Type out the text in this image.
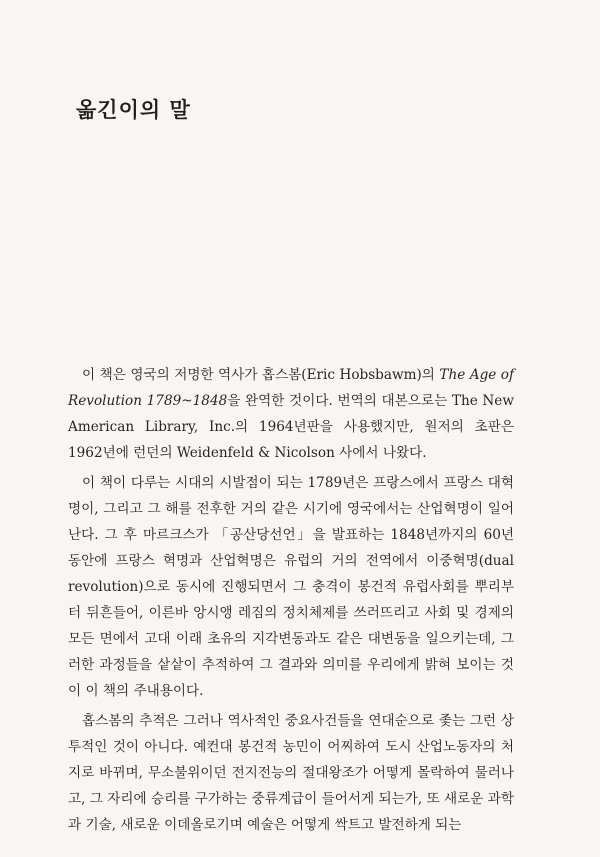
옮긴이의 말

이 책은 영국의 저명한 역사가 홉스봄(Eric Hobsbawm)의 The Age of Revolution 1789~1848을 완역한 것이다. 번역의 대본으로는 The New American Library, Inc.의 1964년판을 사용했지만, 원저의 초판은 1962년에 런던의 Weidenfeld & Nicolson 사에서 나왔다.

이 책이 다루는 시대의 시발점이 되는 1789년은 프랑스에서 프랑스 대혁명이, 그리고 그 해를 전후한 거의 같은 시기에 영국에서는 산업혁명이 일어난다. 그 후 마르크스가 「공산당선언」을 발표하는 1848년까지의 60년 동안에 프랑스 혁명과 산업혁명은 유럽의 거의 전역에서 이중혁명(dual revolution)으로 동시에 진행되면서 그 충격이 봉건적 유럽사회를 뿌리부터 뒤흔들어, 이른바 앙시앵 레짐의 정치체제를 쓰러뜨리고 사회 및 경제의 모든 면에서 고대 이래 초유의 지각변동과도 같은 대변동을 일으키는데, 그러한 과정들을 샅샅이 추적하여 그 결과와 의미를 우리에게 밝혀 보이는 것이 이 책의 주내용이다.

홉스봄의 추적은 그러나 역사적인 중요사건들을 연대순으로 좇는 그런 상투적인 것이 아니다. 예컨대 봉건적 농민이 어찌하여 도시 산업노동자의 처지로 바뀌며, 무소불위이던 전지전능의 절대왕조가 어떻게 몰락하여 물러나고, 그 자리에 승리를 구가하는 중류계급이 들어서게 되는가, 또 새로운 과학과 기술, 새로운 이데올로기며 예술은 어떻게 싹트고 발전하게 되는
